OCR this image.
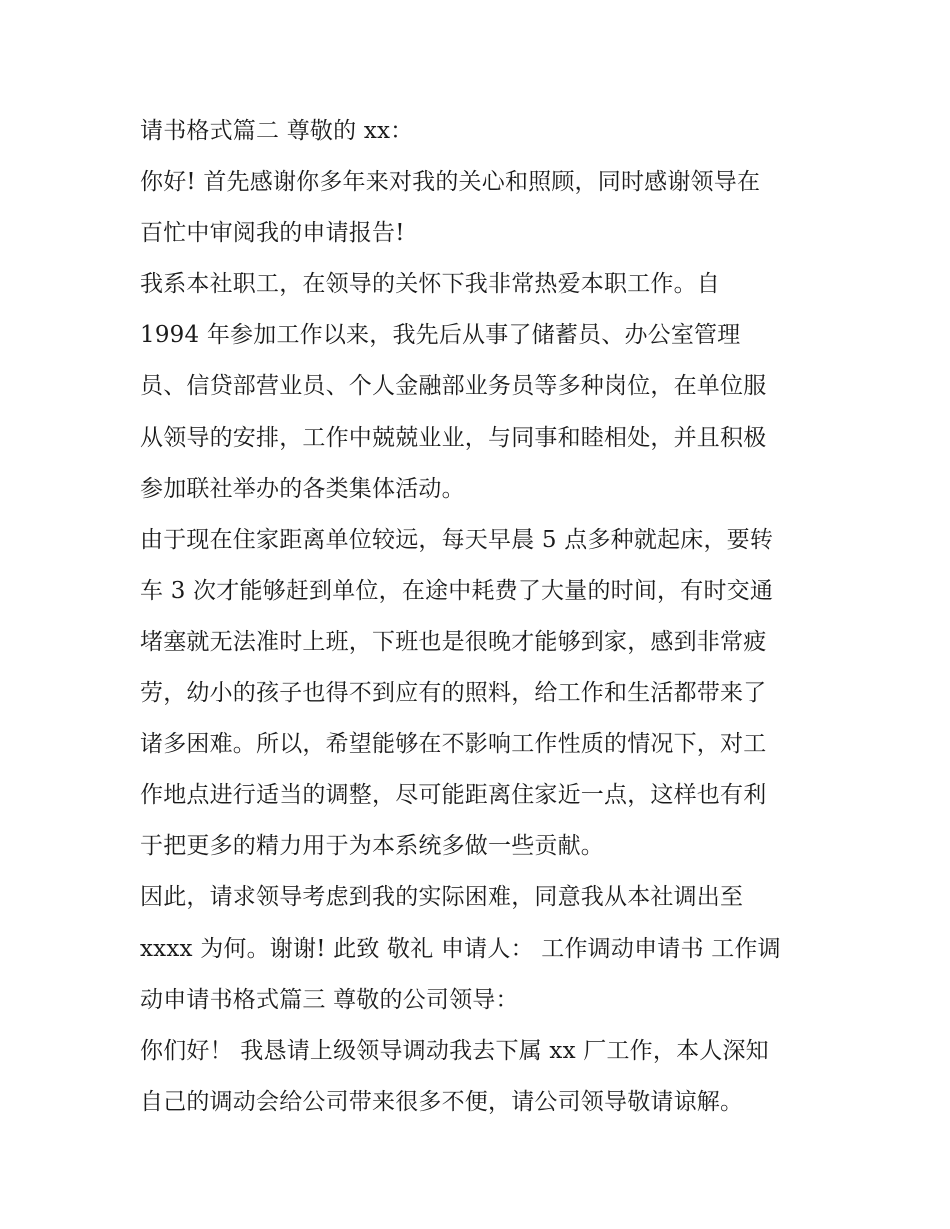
请书格式篇二 尊敬的 xx：
你好! 首先感谢你多年来对我的关心和照顾，同时感谢领导在
百忙中审阅我的申请报告!
我系本社职工，在领导的关怀下我非常热爱本职工作。自
1994 年参加工作以来，我先后从事了储蓄员、办公室管理
员、信贷部营业员、个人金融部业务员等多种岗位，在单位服
从领导的安排，工作中兢兢业业，与同事和睦相处，并且积极
参加联社举办的各类集体活动。
由于现在住家距离单位较远，每天早晨 5 点多种就起床，要转
车 3 次才能够赶到单位，在途中耗费了大量的时间，有时交通
堵塞就无法准时上班，下班也是很晚才能够到家，感到非常疲
劳，幼小的孩子也得不到应有的照料，给工作和生活都带来了
诸多困难。所以，希望能够在不影响工作性质的情况下，对工
作地点进行适当的调整，尽可能距离住家近一点，这样也有利
于把更多的精力用于为本系统多做一些贡献。
因此，请求领导考虑到我的实际困难，同意我从本社调出至
xxxx 为何。谢谢! 此致 敬礼 申请人： 工作调动申请书 工作调
动申请书格式篇三 尊敬的公司领导：
你们好！ 我恳请上级领导调动我去下属 xx 厂工作，本人深知
自己的调动会给公司带来很多不便，请公司领导敬请谅解。
